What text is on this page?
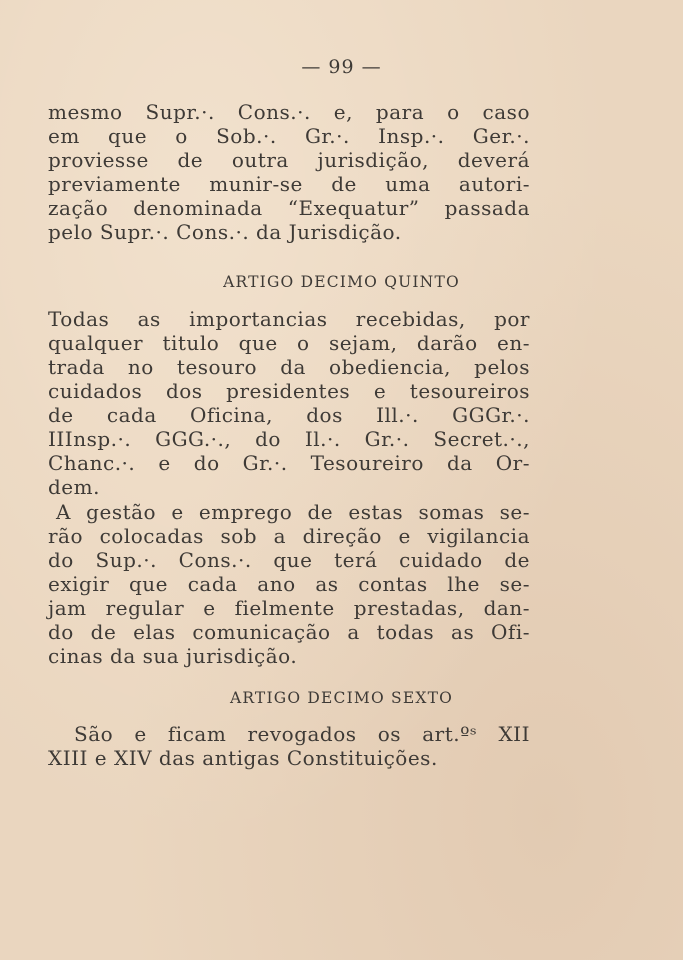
— 99 —
mesmo Supr.·. Cons.·. e, para o caso
em que o Sob.·. Gr.·. Insp.·. Ger.·.
proviesse de outra jurisdição, deverá
previamente munir-se de uma autori-
zação denominada “Exequatur” passada
pelo Supr.·. Cons.·. da Jurisdição.
ARTIGO DECIMO QUINTO
Todas as importancias recebidas, por
qualquer titulo que o sejam, darão en-
trada no tesouro da obediencia, pelos
cuidados dos presidentes e tesoureiros
de cada Oficina, dos Ill.·. GGGr.·.
IIInsp.·. GGG.·., do Il.·. Gr.·. Secret.·.,
Chanc.·. e do Gr.·. Tesoureiro da Or-
dem.
A gestão e emprego de estas somas se-
rão colocadas sob a direção e vigilancia
do Sup.·. Cons.·. que terá cuidado de
exigir que cada ano as contas lhe se-
jam regular e fielmente prestadas, dan-
do de elas comunicação a todas as Ofi-
cinas da sua jurisdição.
ARTIGO DECIMO SEXTO
São e ficam revogados os art.ºˢ XII
XIII e XIV das antigas Constituições.
